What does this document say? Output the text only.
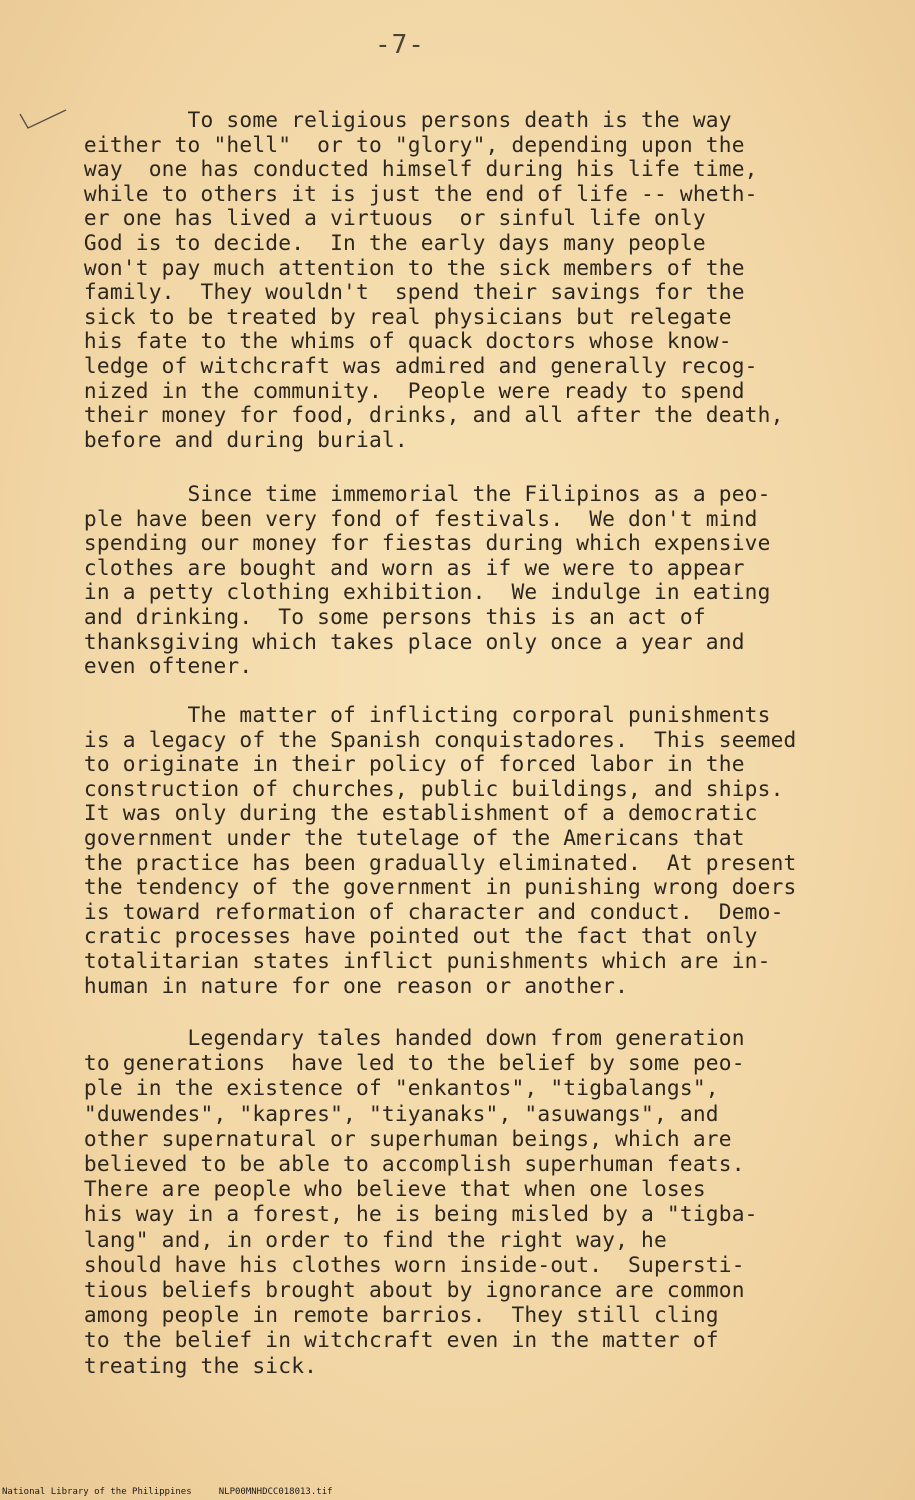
-7-
To some religious persons death is the way
either to "hell"  or to "glory", depending upon the
way  one has conducted himself during his life time,
while to others it is just the end of life -- wheth-
er one has lived a virtuous  or sinful life only
God is to decide.  In the early days many people
won't pay much attention to the sick members of the
family.  They wouldn't  spend their savings for the
sick to be treated by real physicians but relegate
his fate to the whims of quack doctors whose know-
ledge of witchcraft was admired and generally recog-
nized in the community.  People were ready to spend
their money for food, drinks, and all after the death,
before and during burial.
Since time immemorial the Filipinos as a peo-
ple have been very fond of festivals.  We don't mind
spending our money for fiestas during which expensive
clothes are bought and worn as if we were to appear
in a petty clothing exhibition.  We indulge in eating
and drinking.  To some persons this is an act of
thanksgiving which takes place only once a year and
even oftener.
The matter of inflicting corporal punishments
is a legacy of the Spanish conquistadores.  This seemed
to originate in their policy of forced labor in the
construction of churches, public buildings, and ships.
It was only during the establishment of a democratic
government under the tutelage of the Americans that
the practice has been gradually eliminated.  At present
the tendency of the government in punishing wrong doers
is toward reformation of character and conduct.  Demo-
cratic processes have pointed out the fact that only
totalitarian states inflict punishments which are in-
human in nature for one reason or another.
Legendary tales handed down from generation
to generations  have led to the belief by some peo-
ple in the existence of "enkantos", "tigbalangs",
"duwendes", "kapres", "tiyanaks", "asuwangs", and
other supernatural or superhuman beings, which are
believed to be able to accomplish superhuman feats.
There are people who believe that when one loses
his way in a forest, he is being misled by a "tigba-
lang" and, in order to find the right way, he
should have his clothes worn inside-out.  Supersti-
tious beliefs brought about by ignorance are common
among people in remote barrios.  They still cling
to the belief in witchcraft even in the matter of
treating the sick.
National Library of the Philippines     NLP00MNHDCC018013.tif
